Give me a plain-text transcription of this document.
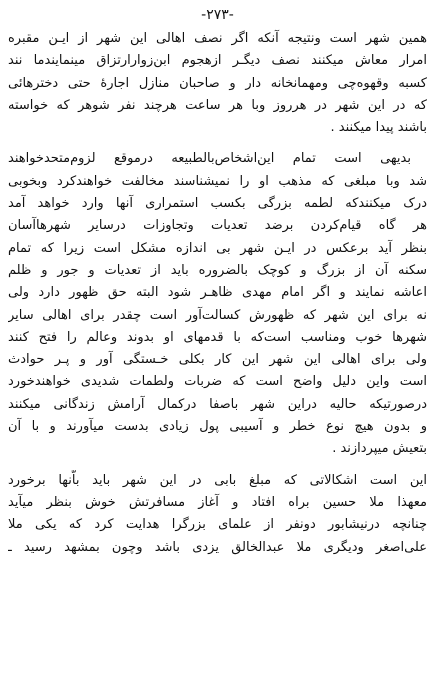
-۲۷۳-
همین شهر است ونتیجه آنکه اگر نصف اهالی این شهر از ایـن مقبره
امرار معاش میکنند نصف دیگـر ازهجوم ابن‌زوارارتزاق مینمایندما نند
کسبه وقهوه‌چی ومهمانخانه دار و صاحبان منازل اجارهٔ حتی دخترهائی
که در این شهر در هرروز وبا هر ساعت هرچند نفر شوهر که خواسته
باشند پیدا میکنند .
بدیهی است تمام این‌اشخاص‌بالطبیعه درموقع لزوم‌متحدخواهند
شد وبا مبلغی که مذهب او را نمیشناسند مخالفت خواهندکرد وبخوبی
درک میکنندکه لطمه بزرگی بکسب استمراری آنها وارد خواهد آمد
هر گاه قیام‌کردن برضد تعدیات وتجاوزات درسایر شهرها‌آسان
بنظر آید برعکس در ایـن شهر بی اندازه مشکل است زیرا که تمام
سکنه آن از بزرگ و کوچک بالضروره باید از تعدیات و جور و ظلم
اعاشه نمایند و اگر امام مهدی ظاهـر شود البته حق ظهور دارد ولی
نه برای این شهر که ظهورش کسالت‌آور است چقدر برای اهالی سایر
شهرها خوب ومناسب است‌که با قدمهای او بدوند وعالم را فتح کنند
ولی برای اهالی این شهر این کار بکلی خـستگی آور و پـر حوادث
است واین دلیل واضح است که ضربات ولطمات شدیدی خواهندخورد
درصورتیکه حالیه دراین شهر باصفا درکمال آرامش زندگانی میکنند
و بدون هیچ نوع خطر و آسیبی پول زیادی بدست میآورند و با آن
بتعیش میپردازند .
این است اشکالاتی که مبلغ بابی در این شهر باید باّنها برخورد
معهذا ملا حسین براه افتاد و آغاز مسافرتش خوش بنظر میآید
چنانچه درنیشابور دونفر از علمای بزرگرا هدایت کرد که یکی ملا
علی‌اصغر ودیگری ملا عبدالخالق یزدی باشد وچون بمشهد رسید ـ
